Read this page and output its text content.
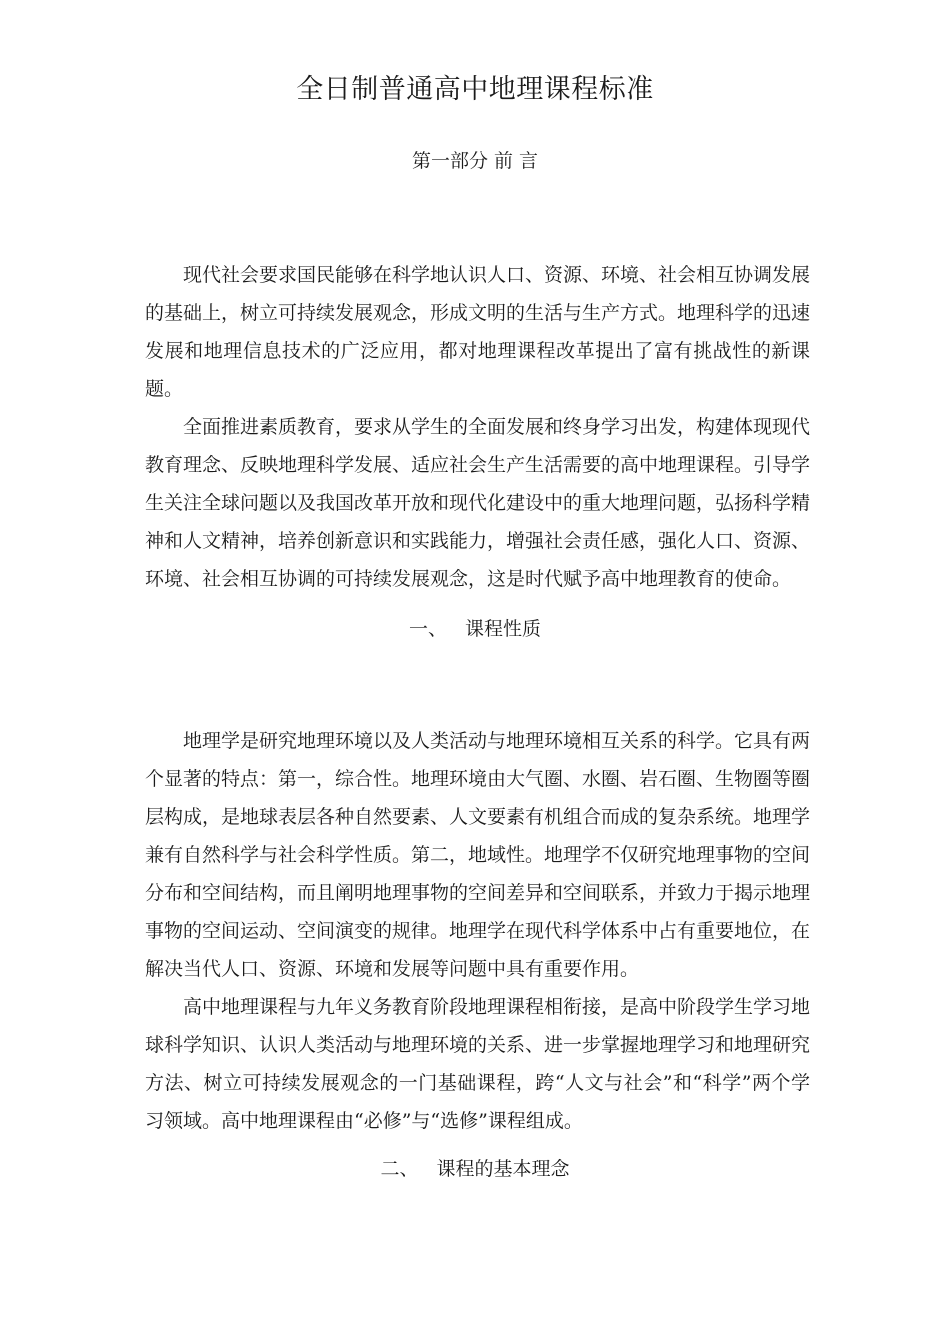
全日制普通高中地理课程标准
第一部分 前 言

现代社会要求国民能够在科学地认识人口、资源、环境、社会相互协调发展的基础上，树立可持续发展观念，形成文明的生活与生产方式。地理科学的迅速发展和地理信息技术的广泛应用，都对地理课程改革提出了富有挑战性的新课题。

全面推进素质教育，要求从学生的全面发展和终身学习出发，构建体现现代教育理念、反映地理科学发展、适应社会生产生活需要的高中地理课程。引导学生关注全球问题以及我国改革开放和现代化建设中的重大地理问题，弘扬科学精神和人文精神，培养创新意识和实践能力，增强社会责任感，强化人口、资源、环境、社会相互协调的可持续发展观念，这是时代赋予高中地理教育的使命。

一、 课程性质

地理学是研究地理环境以及人类活动与地理环境相互关系的科学。它具有两个显著的特点：第一，综合性。地理环境由大气圈、水圈、岩石圈、生物圈等圈层构成，是地球表层各种自然要素、人文要素有机组合而成的复杂系统。地理学兼有自然科学与社会科学性质。第二，地域性。地理学不仅研究地理事物的空间分布和空间结构，而且阐明地理事物的空间差异和空间联系，并致力于揭示地理事物的空间运动、空间演变的规律。地理学在现代科学体系中占有重要地位，在解决当代人口、资源、环境和发展等问题中具有重要作用。

高中地理课程与九年义务教育阶段地理课程相衔接，是高中阶段学生学习地球科学知识、认识人类活动与地理环境的关系、进一步掌握地理学习和地理研究方法、树立可持续发展观念的一门基础课程，跨“人文与社会”和“科学”两个学习领域。高中地理课程由“必修”与“选修”课程组成。

二、 课程的基本理念
